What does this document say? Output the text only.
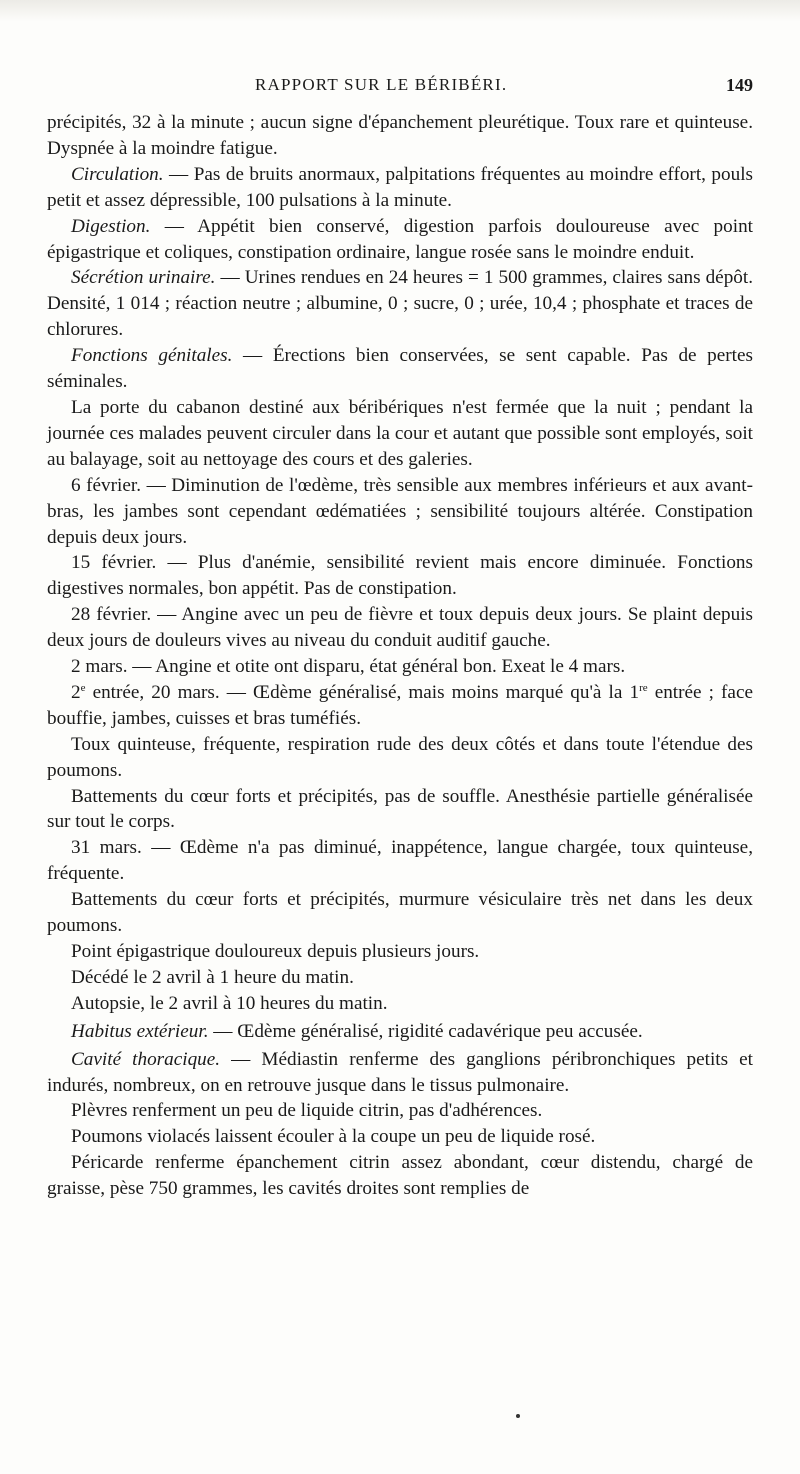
RAPPORT SUR LE BÉRIBÉRI.	149

précipités, 32 à la minute ; aucun signe d'épanchement pleurétique. Toux rare et quinteuse. Dyspnée à la moindre fatigue.

Circulation. — Pas de bruits anormaux, palpitations fréquentes au moindre effort, pouls petit et assez dépressible, 100 pulsations à la minute.

Digestion. — Appétit bien conservé, digestion parfois douloureuse avec point épigastrique et coliques, constipation ordinaire, langue rosée sans le moindre enduit.

Sécrétion urinaire. — Urines rendues en 24 heures = 1 500 grammes, claires sans dépôt. Densité, 1 014 ; réaction neutre ; albumine, 0 ; sucre, 0 ; urée, 10,4 ; phosphate et traces de chlorures.

Fonctions génitales. — Érections bien conservées, se sent capable. Pas de pertes séminales.

La porte du cabanon destiné aux béribériques n'est fermée que la nuit ; pendant la journée ces malades peuvent circuler dans la cour et autant que possible sont employés, soit au balayage, soit au nettoyage des cours et des galeries.

6 février. — Diminution de l'œdème, très sensible aux membres inférieurs et aux avant-bras, les jambes sont cependant œdématiées ; sensibilité toujours altérée. Constipation depuis deux jours.

15 février. — Plus d'anémie, sensibilité revient mais encore diminuée. Fonctions digestives normales, bon appétit. Pas de constipation.

28 février. — Angine avec un peu de fièvre et toux depuis deux jours. Se plaint depuis deux jours de douleurs vives au niveau du conduit auditif gauche.

2 mars. — Angine et otite ont disparu, état général bon. Exeat le 4 mars.

2e entrée, 20 mars. — Œdème généralisé, mais moins marqué qu'à la 1re entrée ; face bouffie, jambes, cuisses et bras tuméfiés.

Toux quinteuse, fréquente, respiration rude des deux côtés et dans toute l'étendue des poumons.

Battements du cœur forts et précipités, pas de souffle. Anesthésie partielle généralisée sur tout le corps.

31 mars. — Œdème n'a pas diminué, inappétence, langue chargée, toux quinteuse, fréquente.

Battements du cœur forts et précipités, murmure vésiculaire très net dans les deux poumons.

Point épigastrique douloureux depuis plusieurs jours.

Décédé le 2 avril à 1 heure du matin.

Autopsie, le 2 avril à 10 heures du matin.

Habitus extérieur. — Œdème généralisé, rigidité cadavérique peu accusée.

Cavité thoracique. — Médiastin renferme des ganglions péribronchiques petits et indurés, nombreux, on en retrouve jusque dans le tissus pulmonaire.

Plèvres renferment un peu de liquide citrin, pas d'adhérences.

Poumons violacés laissent écouler à la coupe un peu de liquide rosé.

Péricarde renferme épanchement citrin assez abondant, cœur distendu, chargé de graisse, pèse 750 grammes, les cavités droites sont remplies de
